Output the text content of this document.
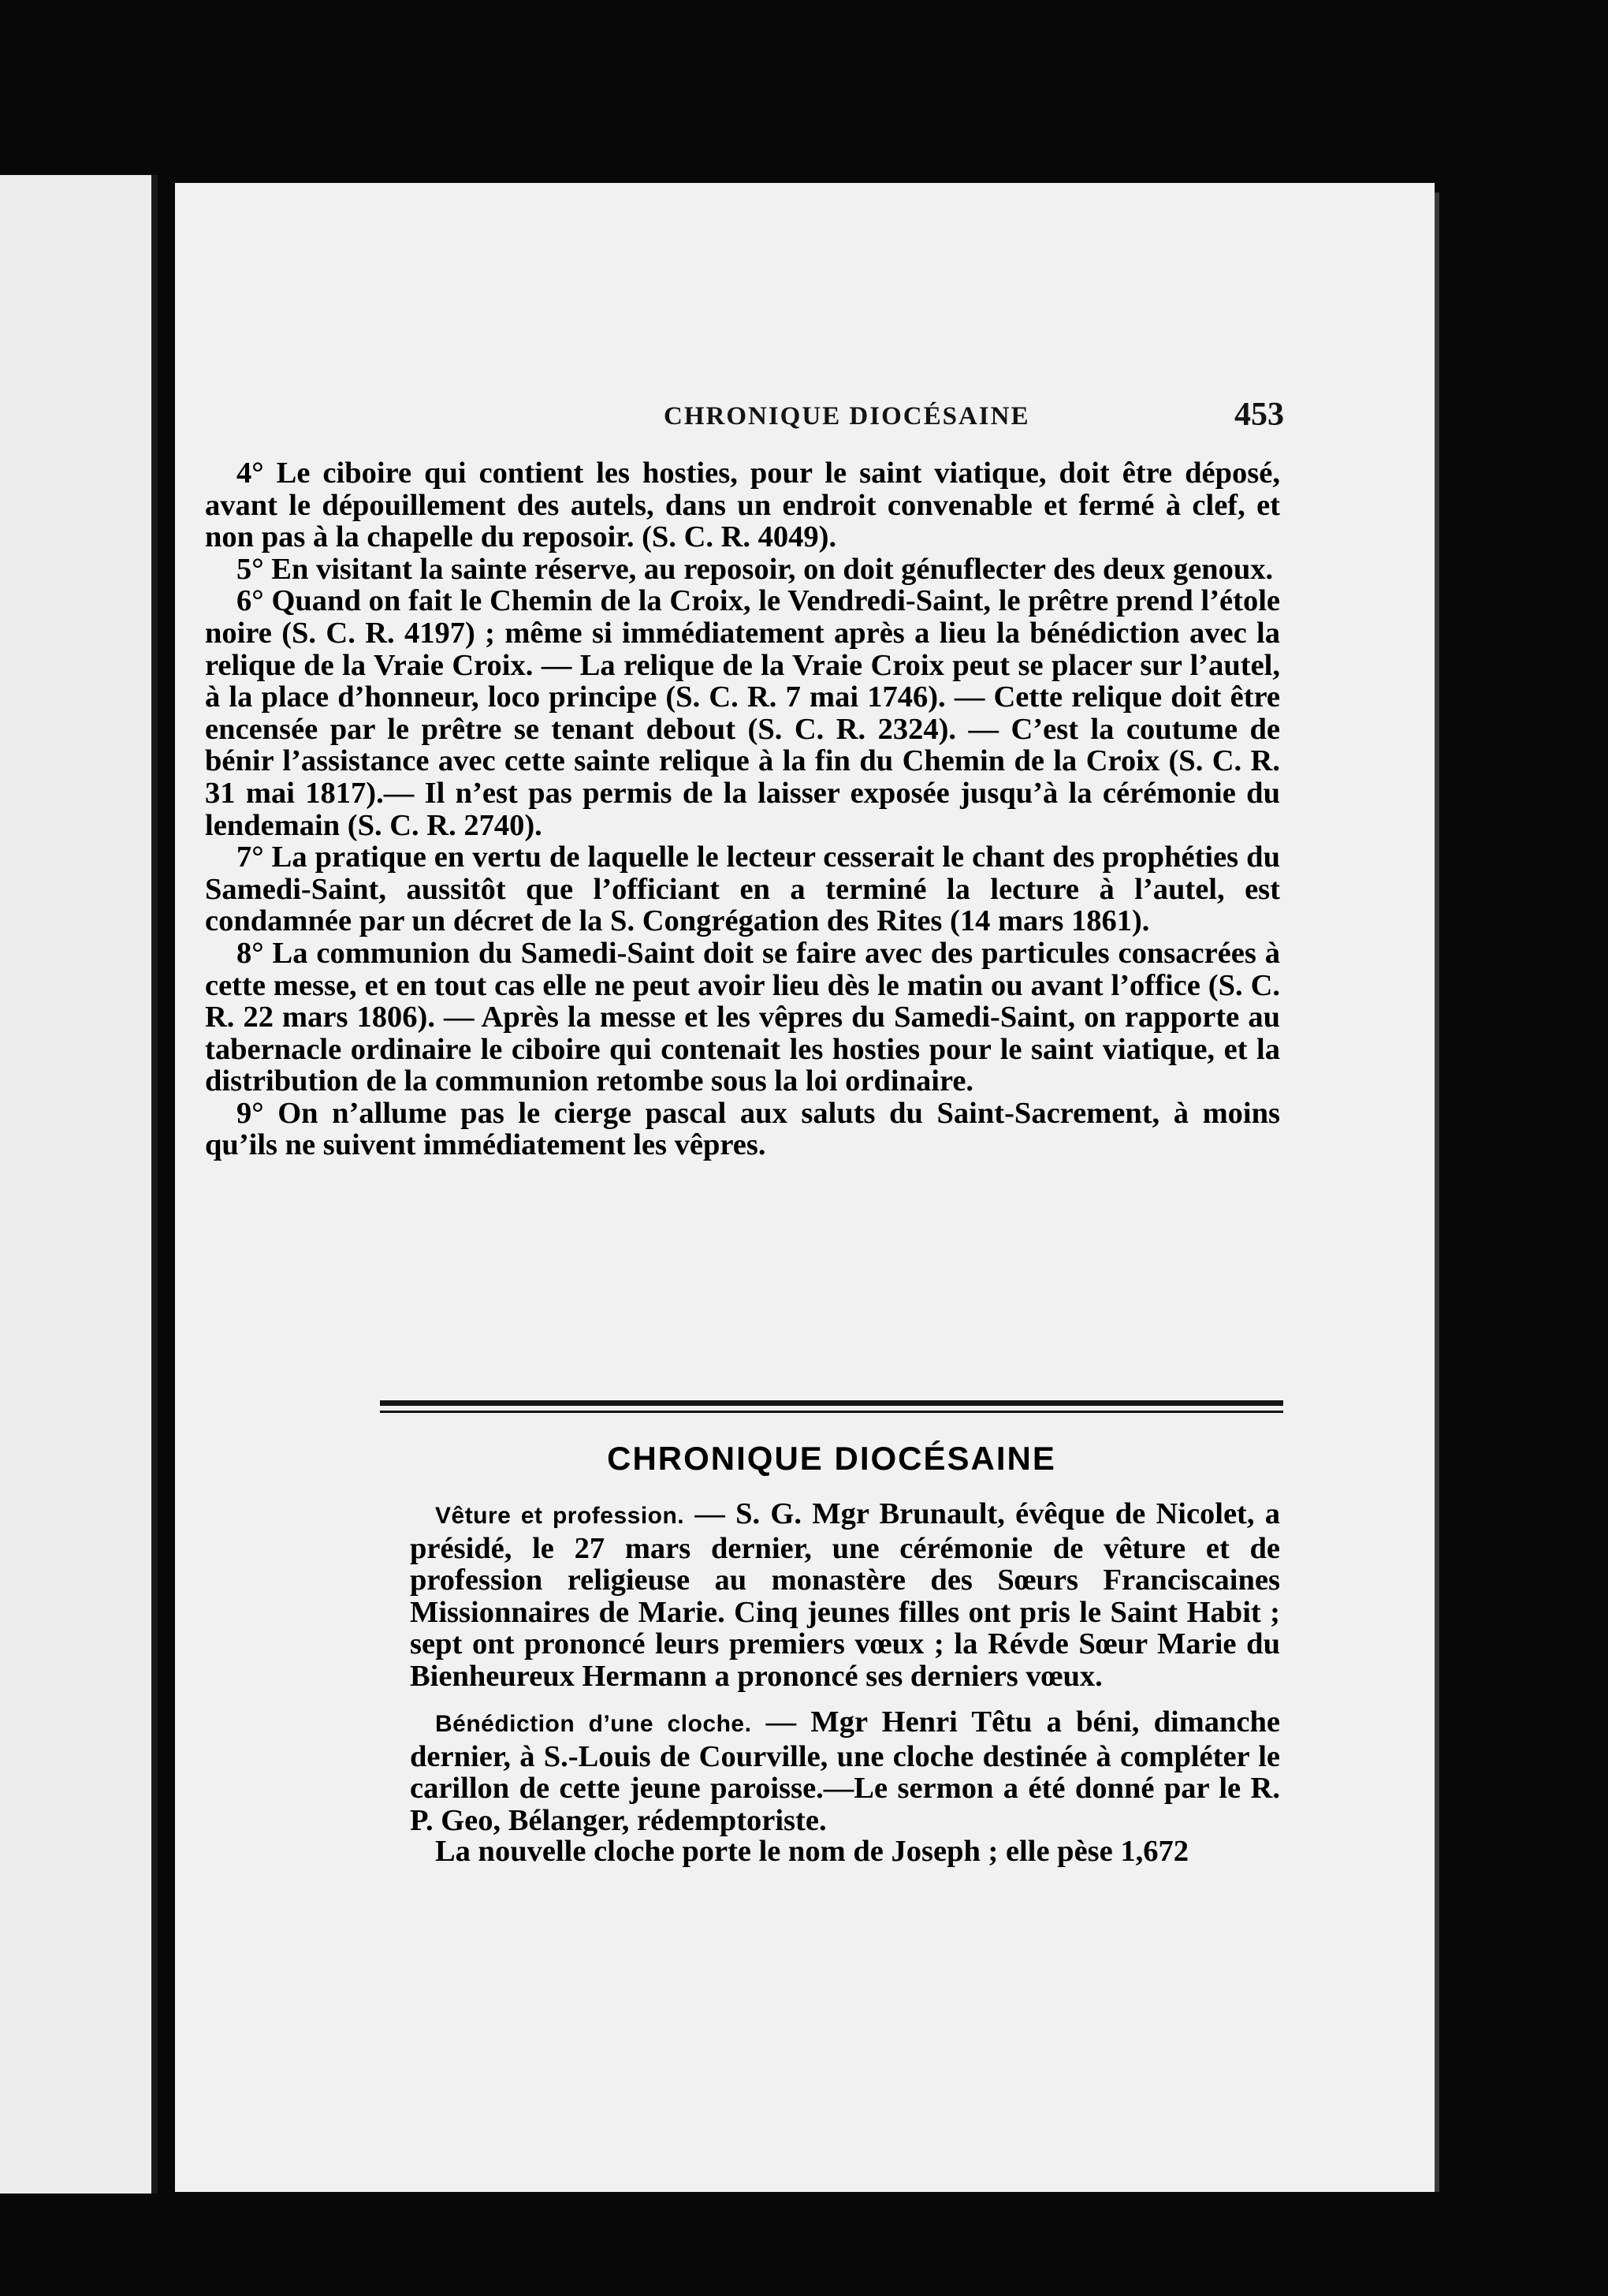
CHRONIQUE DIOCÉSAINE	453

4° Le ciboire qui contient les hosties, pour le saint viatique, doit être déposé, avant le dépouillement des autels, dans un endroit convenable et fermé à clef, et non pas à la chapelle du reposoir. (S. C. R. 4049).

5° En visitant la sainte réserve, au reposoir, on doit génuflecter des deux genoux.

6° Quand on fait le Chemin de la Croix, le Vendredi-Saint, le prêtre prend l’étole noire (S. C. R. 4197) ; même si immédiatement après a lieu la bénédiction avec la relique de la Vraie Croix. — La relique de la Vraie Croix peut se placer sur l’autel, à la place d’honneur, loco principe (S. C. R. 7 mai 1746). — Cette relique doit être encensée par le prêtre se tenant debout (S. C. R. 2324). — C’est la coutume de bénir l’assistance avec cette sainte relique à la fin du Chemin de la Croix (S. C. R. 31 mai 1817).— Il n’est pas permis de la laisser exposée jusqu’à la cérémonie du lendemain (S. C. R. 2740).

7° La pratique en vertu de laquelle le lecteur cesserait le chant des prophéties du Samedi-Saint, aussitôt que l’officiant en a terminé la lecture à l’autel, est condamnée par un décret de la S. Congrégation des Rites (14 mars 1861).

8° La communion du Samedi-Saint doit se faire avec des particules consacrées à cette messe, et en tout cas elle ne peut avoir lieu dès le matin ou avant l’office (S. C. R. 22 mars 1806). — Après la messe et les vêpres du Samedi-Saint, on rapporte au tabernacle ordinaire le ciboire qui contenait les hosties pour le saint viatique, et la distribution de la communion retombe sous la loi ordinaire.

9° On n’allume pas le cierge pascal aux saluts du Saint-Sacrement, à moins qu’ils ne suivent immédiatement les vêpres.

CHRONIQUE DIOCÉSAINE

Vêture et profession. — S. G. Mgr Brunault, évêque de Nicolet, a présidé, le 27 mars dernier, une cérémonie de vêture et de profession religieuse au monastère des Sœurs Franciscaines Missionnaires de Marie. Cinq jeunes filles ont pris le Saint Habit ; sept ont prononcé leurs premiers vœux ; la Révde Sœur Marie du Bienheureux Hermann a prononcé ses derniers vœux.

Bénédiction d’une cloche. — Mgr Henri Têtu a béni, dimanche dernier, à S.-Louis de Courville, une cloche destinée à compléter le carillon de cette jeune paroisse.—Le sermon a été donné par le R. P. Geo, Bélanger, rédemptoriste.

La nouvelle cloche porte le nom de Joseph ; elle pèse 1,672
